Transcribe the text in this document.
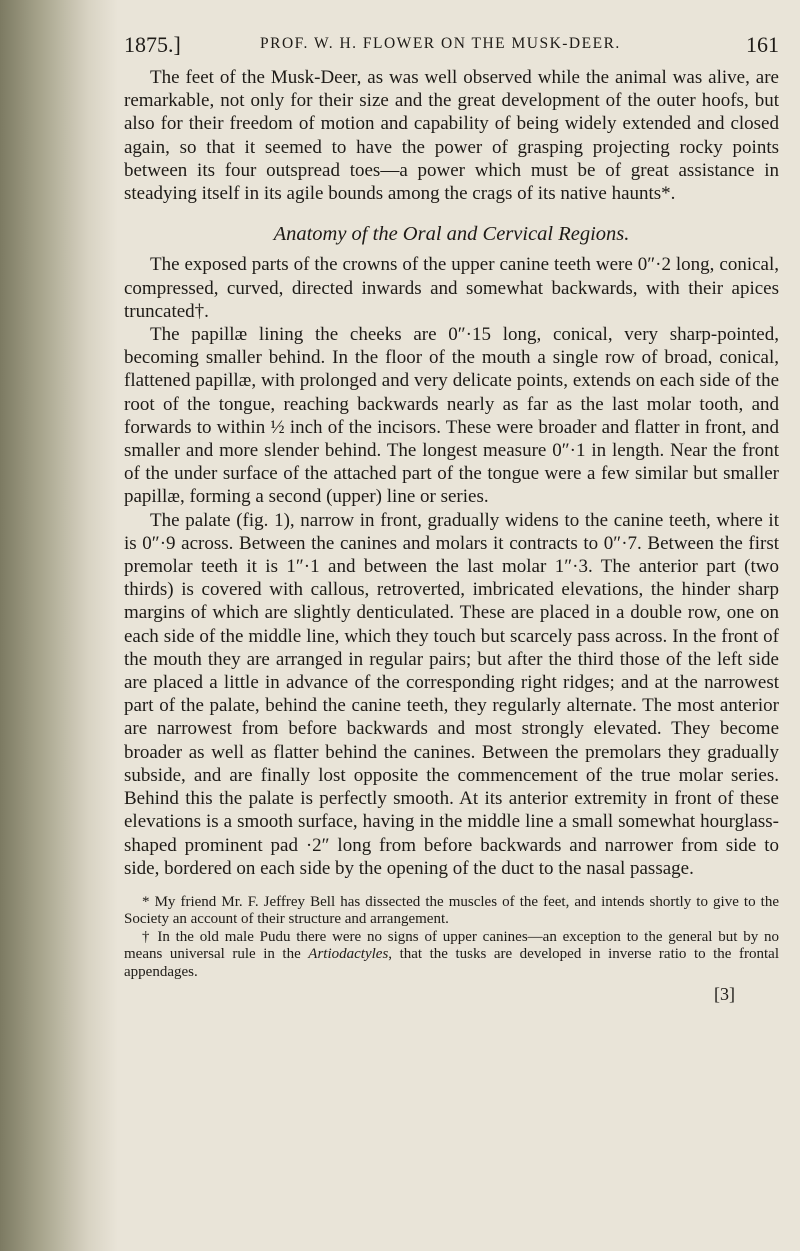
1875.]	PROF. W. H. FLOWER ON THE MUSK-DEER.	161

The feet of the Musk-Deer, as was well observed while the animal was alive, are remarkable, not only for their size and the great development of the outer hoofs, but also for their freedom of motion and capability of being widely extended and closed again, so that it seemed to have the power of grasping projecting rocky points between its four outspread toes—a power which must be of great assistance in steadying itself in its agile bounds among the crags of its native haunts*.

Anatomy of the Oral and Cervical Regions.

The exposed parts of the crowns of the upper canine teeth were 0″·2 long, conical, compressed, curved, directed inwards and somewhat backwards, with their apices truncated†.

The papillæ lining the cheeks are 0″·15 long, conical, very sharp-pointed, becoming smaller behind. In the floor of the mouth a single row of broad, conical, flattened papillæ, with prolonged and very delicate points, extends on each side of the root of the tongue, reaching backwards nearly as far as the last molar tooth, and forwards to within ½ inch of the incisors. These were broader and flatter in front, and smaller and more slender behind. The longest measure 0″·1 in length. Near the front of the under surface of the attached part of the tongue were a few similar but smaller papillæ, forming a second (upper) line or series.

The palate (fig. 1), narrow in front, gradually widens to the canine teeth, where it is 0″·9 across. Between the canines and molars it contracts to 0″·7. Between the first premolar teeth it is 1″·1 and between the last molar 1″·3. The anterior part (two thirds) is covered with callous, retroverted, imbricated elevations, the hinder sharp margins of which are slightly denticulated. These are placed in a double row, one on each side of the middle line, which they touch but scarcely pass across. In the front of the mouth they are arranged in regular pairs; but after the third those of the left side are placed a little in advance of the corresponding right ridges; and at the narrowest part of the palate, behind the canine teeth, they regularly alternate. The most anterior are narrowest from before backwards and most strongly elevated. They become broader as well as flatter behind the canines. Between the premolars they gradually subside, and are finally lost opposite the commencement of the true molar series. Behind this the palate is perfectly smooth. At its anterior extremity in front of these elevations is a smooth surface, having in the middle line a small somewhat hourglass-shaped prominent pad ·2″ long from before backwards and narrower from side to side, bordered on each side by the opening of the duct to the nasal passage.

* My friend Mr. F. Jeffrey Bell has dissected the muscles of the feet, and intends shortly to give to the Society an account of their structure and arrangement.

† In the old male Pudu there were no signs of upper canines—an exception to the general but by no means universal rule in the Artiodactyles, that the tusks are developed in inverse ratio to the frontal appendages.

[3]
